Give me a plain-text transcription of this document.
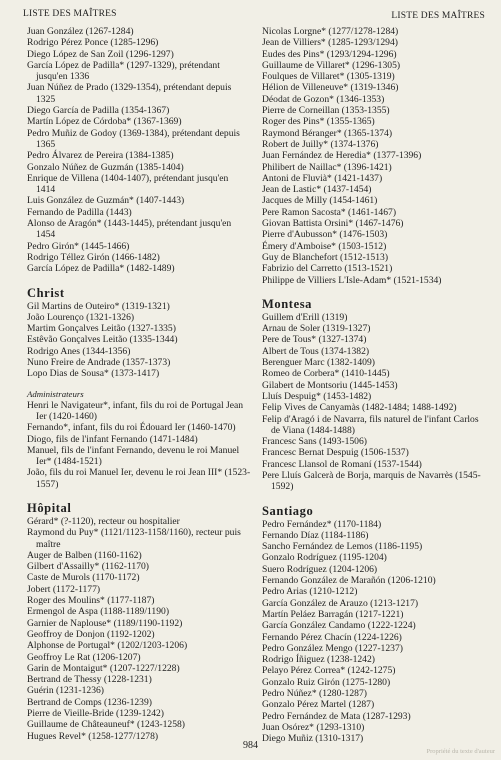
LISTE DES MAÎTRES	LISTE DES MAÎTRES
Juan González (1267-1284)
Rodrigo Pérez Ponce (1285-1296)
Diego López de San Zoil (1296-1297)
García López de Padilla* (1297-1329), prétendant
jusqu'en 1336
Juan Núñez de Prado (1329-1354), prétendant depuis
1325
Diego García de Padilla (1354-1367)
Martín López de Córdoba* (1367-1369)
Pedro Muñiz de Godoy (1369-1384), prétendant depuis
1365
Pedro Álvarez de Pereira (1384-1385)
Gonzalo Núñez de Guzmán (1385-1404)
Enrique de Villena (1404-1407), prétendant jusqu'en
1414
Luis González de Guzmán* (1407-1443)
Fernando de Padilla (1443)
Alonso de Aragón* (1443-1445), prétendant jusqu'en
1454
Pedro Girón* (1445-1466)
Rodrigo Téllez Girón (1466-1482)
García López de Padilla* (1482-1489)
Christ
Gil Martins de Outeiro* (1319-1321)
João Lourenço (1321-1326)
Martim Gonçalves Leitão (1327-1335)
Estêvão Gonçalves Leitão (1335-1344)
Rodrigo Anes (1344-1356)
Nuno Freire de Andrade (1357-1373)
Lopo Dias de Sousa* (1373-1417)
Administrateurs
Henri le Navigateur*, infant, fils du roi de Portugal Jean
Ier (1420-1460)
Fernando*, infant, fils du roi Édouard Ier (1460-1470)
Diogo, fils de l'infant Fernando (1471-1484)
Manuel, fils de l'infant Fernando, devenu le roi Manuel
Ier* (1484-1521)
João, fils du roi Manuel Ier, devenu le roi Jean III* (1523-
1557)
Hôpital
Gérard* (?-1120), recteur ou hospitalier
Raymond du Puy* (1121/1123-1158/1160), recteur puis
maître
Auger de Balben (1160-1162)
Gilbert d'Assailly* (1162-1170)
Caste de Murols (1170-1172)
Jobert (1172-1177)
Roger des Moulins* (1177-1187)
Ermengol de Aspa (1188-1189/1190)
Garnier de Naplouse* (1189/1190-1192)
Geoffroy de Donjon (1192-1202)
Alphonse de Portugal* (1202/1203-1206)
Geoffroy Le Rat (1206-1207)
Garin de Montaigut* (1207-1227/1228)
Bertrand de Thessy (1228-1231)
Guérin (1231-1236)
Bertrand de Comps (1236-1239)
Pierre de Vieille-Bride (1239-1242)
Guillaume de Châteauneuf* (1243-1258)
Hugues Revel* (1258-1277/1278)
Nicolas Lorgne* (1277/1278-1284)
Jean de Villiers* (1285-1293/1294)
Eudes des Pins* (1293/1294-1296)
Guillaume de Villaret* (1296-1305)
Foulques de Villaret* (1305-1319)
Hélion de Villeneuve* (1319-1346)
Déodat de Gozon* (1346-1353)
Pierre de Corneillan (1353-1355)
Roger des Pins* (1355-1365)
Raymond Béranger* (1365-1374)
Robert de Juilly* (1374-1376)
Juan Fernández de Heredia* (1377-1396)
Philibert de Naillac* (1396-1421)
Antoni de Fluvià* (1421-1437)
Jean de Lastic* (1437-1454)
Jacques de Milly (1454-1461)
Pere Ramon Sacosta* (1461-1467)
Giovan Battista Orsini* (1467-1476)
Pierre d'Aubusson* (1476-1503)
Émery d'Amboise* (1503-1512)
Guy de Blanchefort (1512-1513)
Fabrizio del Carretto (1513-1521)
Philippe de Villiers L'Isle-Adam* (1521-1534)
Montesa
Guillem d'Erill (1319)
Arnau de Soler (1319-1327)
Pere de Tous* (1327-1374)
Albert de Tous (1374-1382)
Berenguer Marc (1382-1409)
Romeo de Corbera* (1410-1445)
Gilabert de Montsoriu (1445-1453)
Lluís Despuig* (1453-1482)
Felip Vives de Canyamàs (1482-1484; 1488-1492)
Felip d'Aragó i de Navarra, fils naturel de l'infant Carlos
de Viana (1484-1488)
Francesc Sans (1493-1506)
Francesc Bernat Despuig (1506-1537)
Francesc Llansol de Romaní (1537-1544)
Pere Lluís Galcerà de Borja, marquis de Navarrès (1545-
1592)
Santiago
Pedro Fernández* (1170-1184)
Fernando Díaz (1184-1186)
Sancho Fernández de Lemos (1186-1195)
Gonzalo Rodríguez (1195-1204)
Suero Rodríguez (1204-1206)
Fernando González de Marañón (1206-1210)
Pedro Arias (1210-1212)
García González de Arauzo (1213-1217)
Martín Peláez Barragán (1217-1221)
García González Candamo (1222-1224)
Fernando Pérez Chacín (1224-1226)
Pedro González Mengo (1227-1237)
Rodrigo Íñiguez (1238-1242)
Pelayo Pérez Correa* (1242-1275)
Gonzalo Ruiz Girón (1275-1280)
Pedro Núñez* (1280-1287)
Gonzalo Pérez Martel (1287)
Pedro Fernández de Mata (1287-1293)
Juan Osórez* (1293-1310)
Diego Muñiz (1310-1317)
984
Propriété du texte d'auteur
